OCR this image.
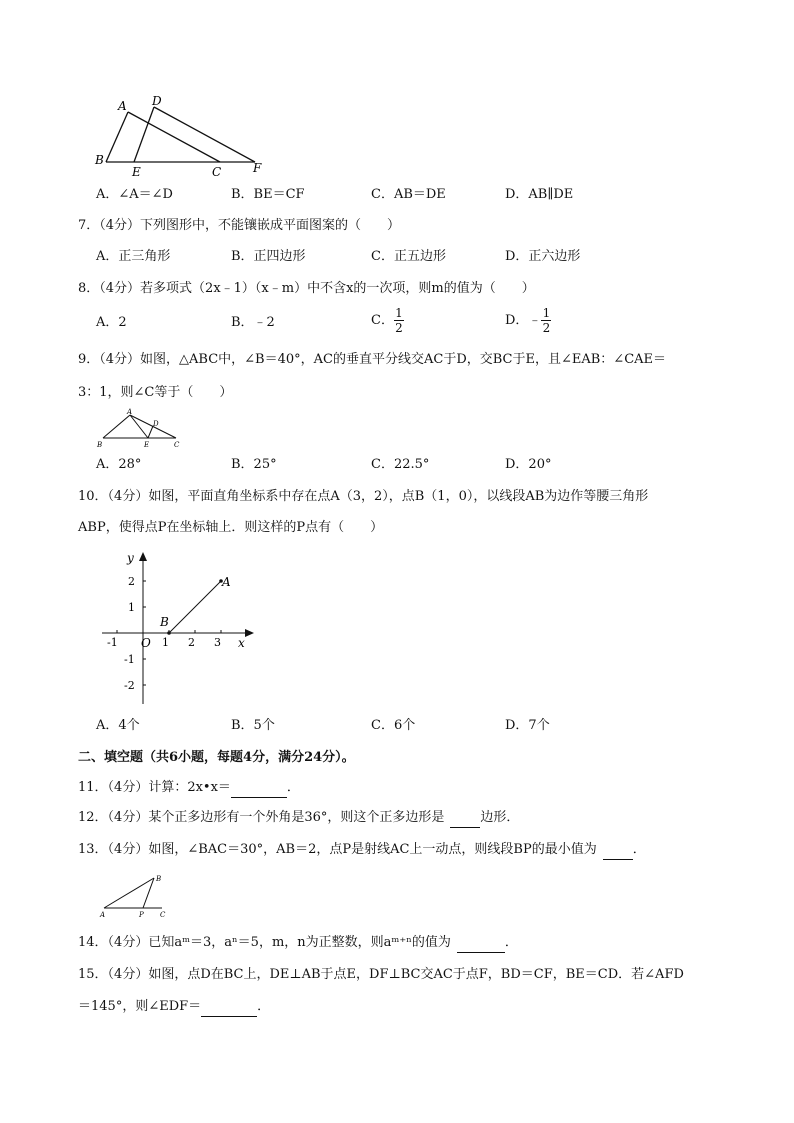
A D
B
E	C	F
A．∠A＝∠D	B．BE＝CF	C．AB＝DE	D．AB∥DE
7．（4分）下列图形中，不能镶嵌成平面图案的（　　）
A．正三角形	B．正四边形	C．正五边形	D．正六边形
8．（4分）若多项式（2x﹣1）（x﹣m）中不含x的一次项，则m的值为（　　）
A．2	B．﹣2	C． $\frac{1}{2}$	D．﹣ $\frac{1}{2}$
9．（4分）如图，△ABC中，∠B＝40°，AC的垂直平分线交AC于D，交BC于E，且∠EAB：∠CAE＝
3：1，则∠C等于（　　）
A
B
D
E	C
A．28°	B．25°	C．22.5°	D．20°
10．（4分）如图，平面直角坐标系中存在点A（3，2），点B（1，0），以线段AB为边作等腰三角形
ABP，使得点P在坐标轴上．则这样的P点有（　　）
y
x
O
A
B
-1	1 2 3
2
1
-1
-2
A．4个	B．5个	C．6个	D．7个
二、填空题（共6小题，每题4分，满分24分）。
11．（4分）计算：2x•x＝	．
12．（4分）某个正多边形有一个外角是36°，则这个正多边形是	边形．
13．（4分）如图，∠BAC＝30°，AB＝2，点P是射线AC上一动点，则线段BP的最小值为	．
B
A	P C
14．（4分）已知aᵐ＝3，aⁿ＝5，m，n为正整数，则aᵐ⁺ⁿ的值为	．
15．（4分）如图，点D在BC上，DE⊥AB于点E，DF⊥BC交AC于点F，BD＝CF，BE＝CD．若∠AFD
＝145°，则∠EDF＝	．
